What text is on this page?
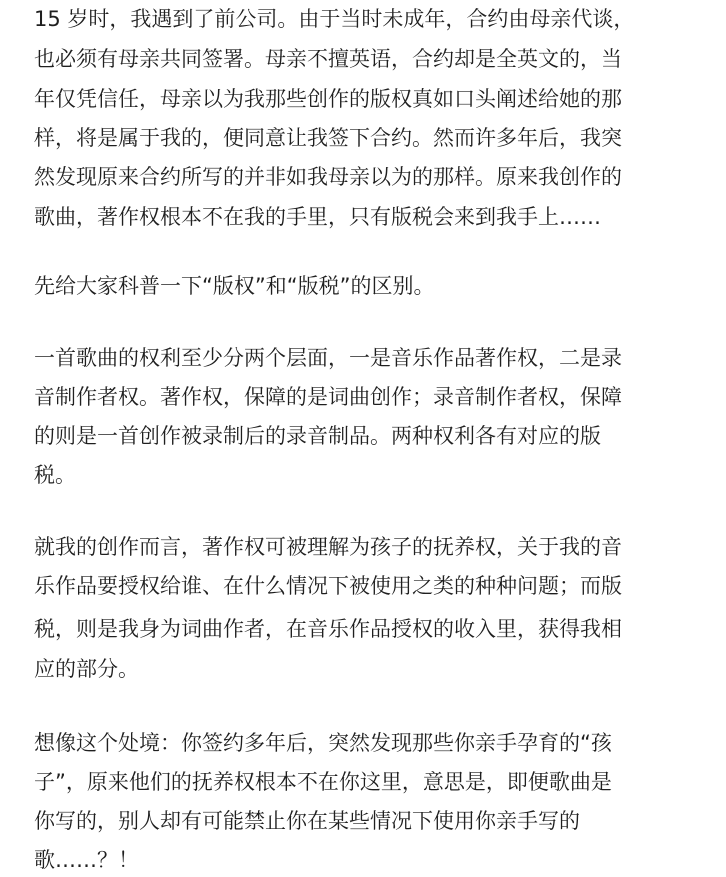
15 岁时，我遇到了前公司。由于当时未成年，合约由母亲代谈，
也必须有母亲共同签署。母亲不擅英语，合约却是全英文的，当
年仅凭信任，母亲以为我那些创作的版权真如口头阐述给她的那
样，将是属于我的，便同意让我签下合约。然而许多年后，我突
然发现原来合约所写的并非如我母亲以为的那样。原来我创作的
歌曲，著作权根本不在我的手里，只有版税会来到我手上……
先给大家科普一下“版权”和“版税”的区别。
一首歌曲的权利至少分两个层面，一是音乐作品著作权，二是录
音制作者权。著作权，保障的是词曲创作；录音制作者权，保障
的则是一首创作被录制后的录音制品。两种权利各有对应的版
税。
就我的创作而言，著作权可被理解为孩子的抚养权，关于我的音
乐作品要授权给谁、在什么情况下被使用之类的种种问题；而版
税，则是我身为词曲作者，在音乐作品授权的收入里，获得我相
应的部分。
想像这个处境：你签约多年后，突然发现那些你亲手孕育的“孩
子”，原来他们的抚养权根本不在你这里，意思是，即便歌曲是
你写的，别人却有可能禁止你在某些情况下使用你亲手写的
歌……？！
